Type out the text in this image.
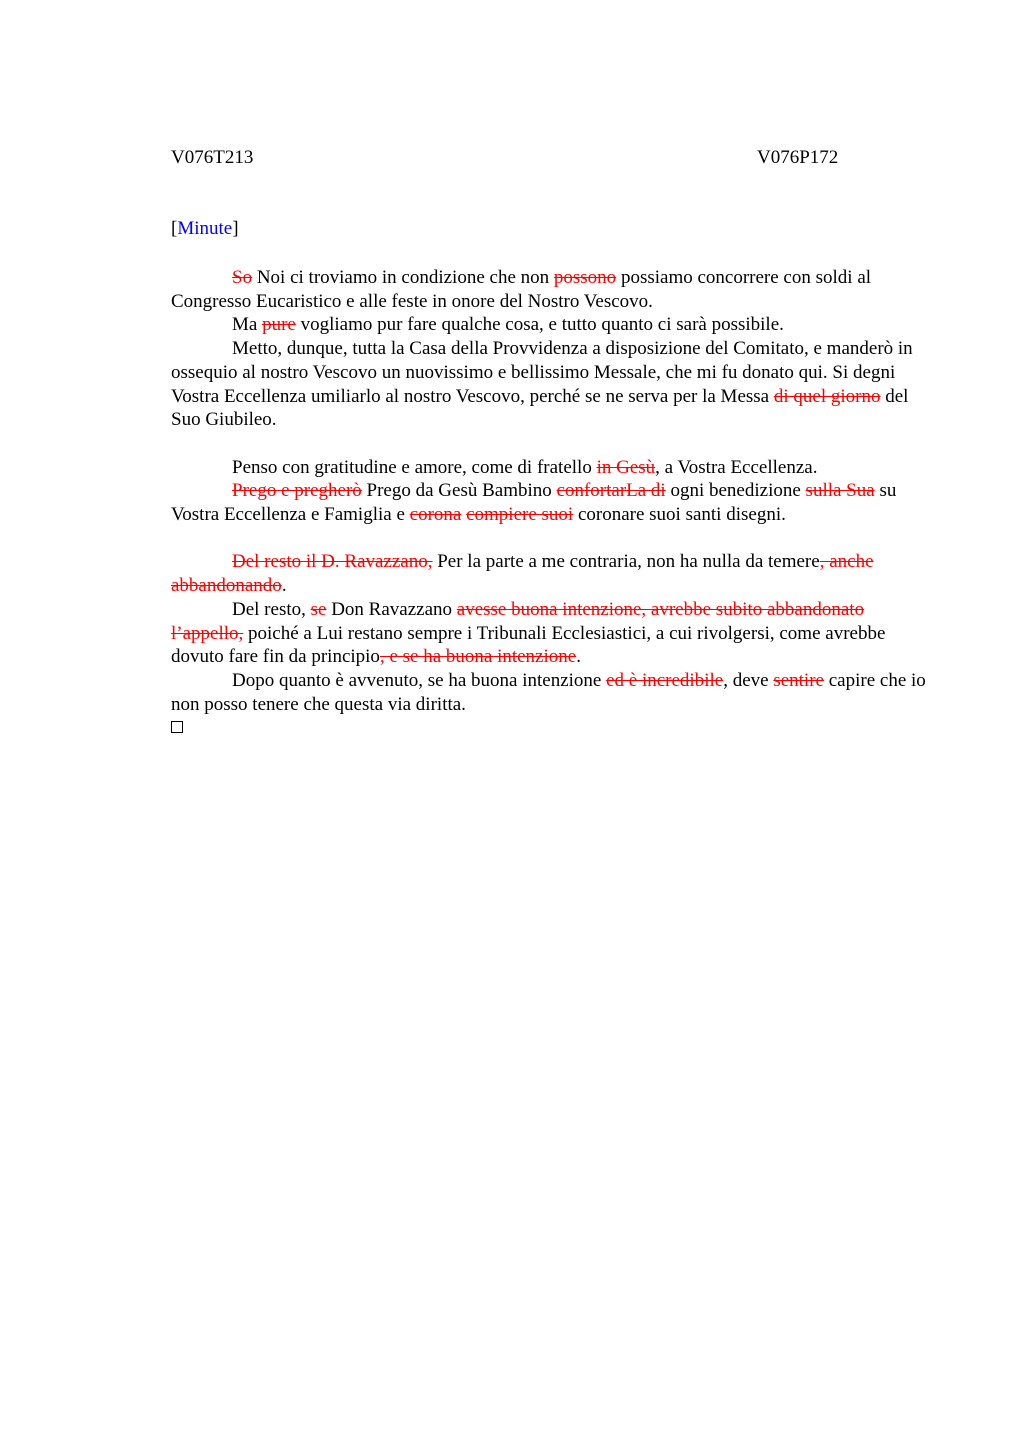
V076T213	V076P172
[Minute]

So Noi ci troviamo in condizione che non possono possiamo concorrere con soldi al Congresso Eucaristico e alle feste in onore del Nostro Vescovo.

Ma pure vogliamo pur fare qualche cosa, e tutto quanto ci sarà possibile.

Metto, dunque, tutta la Casa della Provvidenza a disposizione del Comitato, e manderò in ossequio al nostro Vescovo un nuovissimo e bellissimo Messale, che mi fu donato qui. Si degni Vostra Eccellenza umiliarlo al nostro Vescovo, perché se ne serva per la Messa di quel giorno del Suo Giubileo.

Penso con gratitudine e amore, come di fratello in Gesù, a Vostra Eccellenza.

Prego e pregherò Prego da Gesù Bambino confortarLa di ogni benedizione sulla Sua su Vostra Eccellenza e Famiglia e corona compiere suoi coronare suoi santi disegni.

Del resto il D. Ravazzano, Per la parte a me contraria, non ha nulla da temere, anche abbandonando.

Del resto, se Don Ravazzano avesse buona intenzione, avrebbe subito abbandonato l’appello, poiché a Lui restano sempre i Tribunali Ecclesiastici, a cui rivolgersi, come avrebbe dovuto fare fin da principio, e se ha buona intenzione.

Dopo quanto è avvenuto, se ha buona intenzione ed è incredibile, deve sentire capire che io non posso tenere che questa via diritta.
